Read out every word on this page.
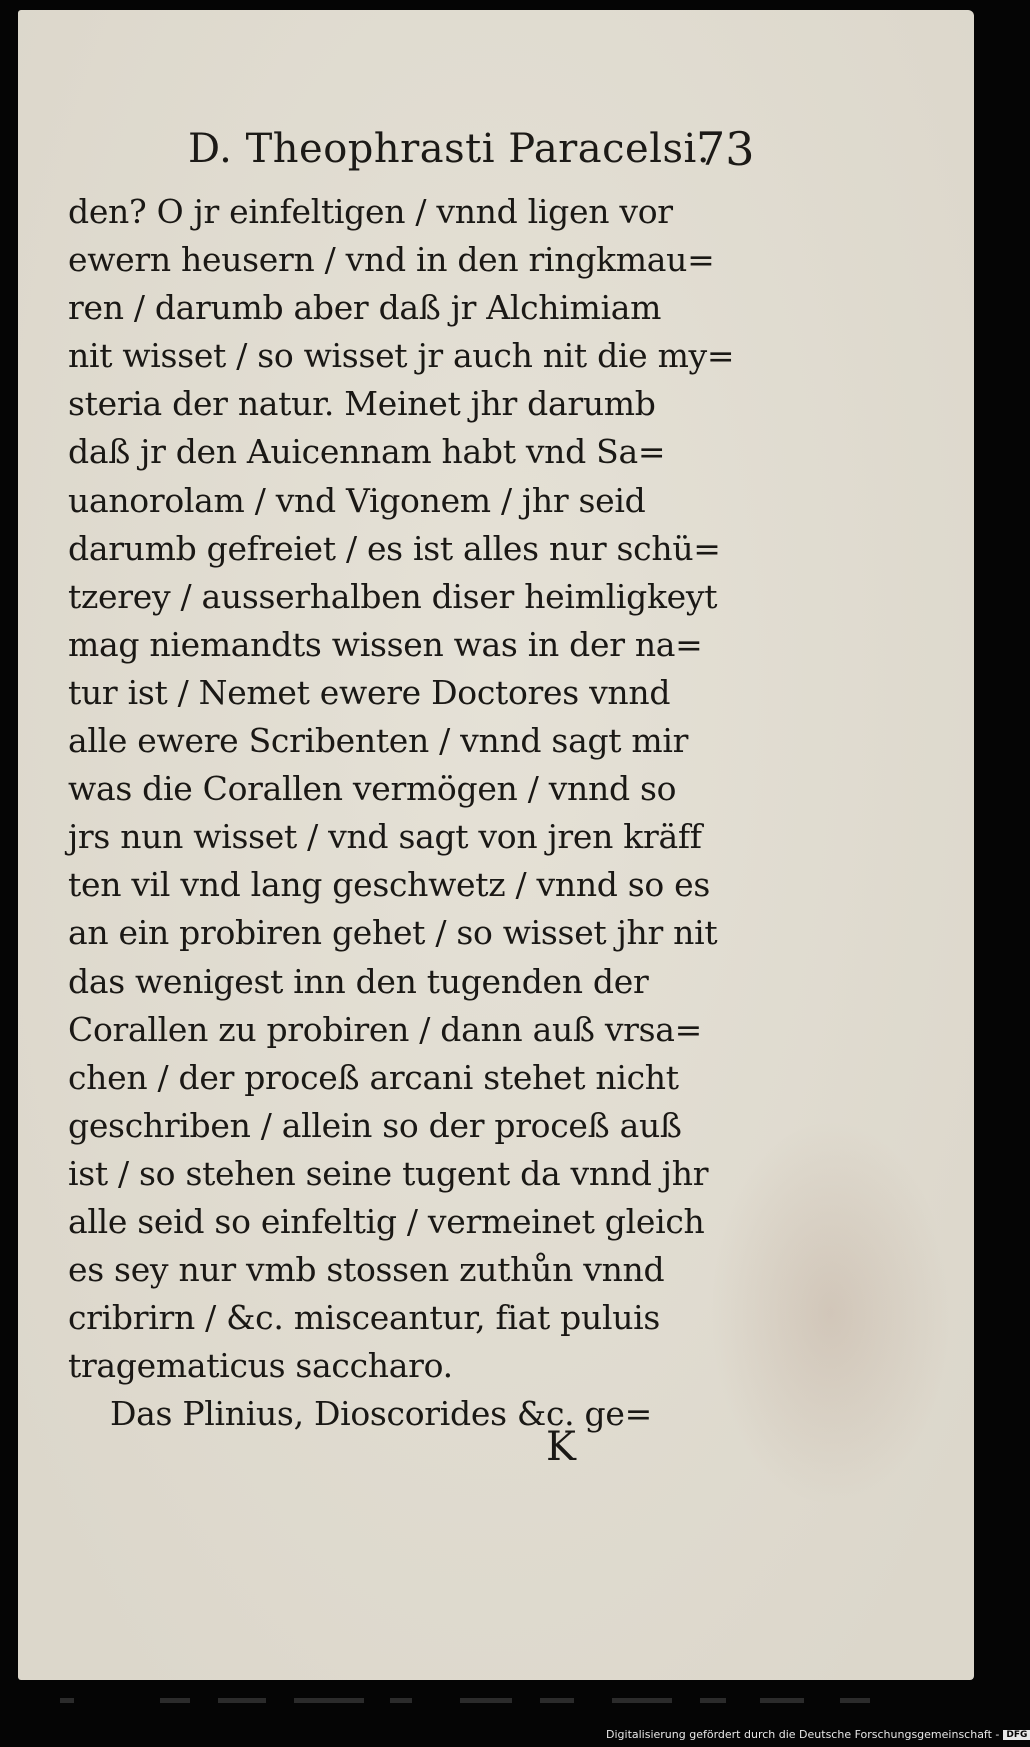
D. Theophrasti Paracelsi.
73
den? O jr einfeltigen / vnnd ligen vor
ewern heusern / vnd in den ringkmau=
ren / darumb aber daß jr Alchimiam
nit wisset / so wisset jr auch nit die my=
steria der natur. Meinet jhr darumb
daß jr den Auicennam habt vnd Sa=
uanorolam / vnd Vigonem / jhr seid
darumb gefreiet / es ist alles nur schü=
tzerey / ausserhalben diser heimligkeyt
mag niemandts wissen was in der na=
tur ist / Nemet ewere Doctores vnnd
alle ewere Scribenten / vnnd sagt mir
was die Corallen vermögen / vnnd so
jrs nun wisset / vnd sagt von jren kräff
ten vil vnd lang geschwetz / vnnd so es
an ein probiren gehet / so wisset jhr nit
das wenigest inn den tugenden der
Corallen zu probiren / dann auß vrsa=
chen / der proceß arcani stehet nicht
geschriben / allein so der proceß auß
ist / so stehen seine tugent da vnnd jhr
alle seid so einfeltig / vermeinet gleich
es sey nur vmb stossen zuthůn vnnd
cribrirn / &c. misceantur, fiat puluis
tragematicus saccharo.
Das Plinius, Dioscorides &c. ge=
K
Digitalisierung gefördert durch die Deutsche Forschungsgemeinschaft - DFG
